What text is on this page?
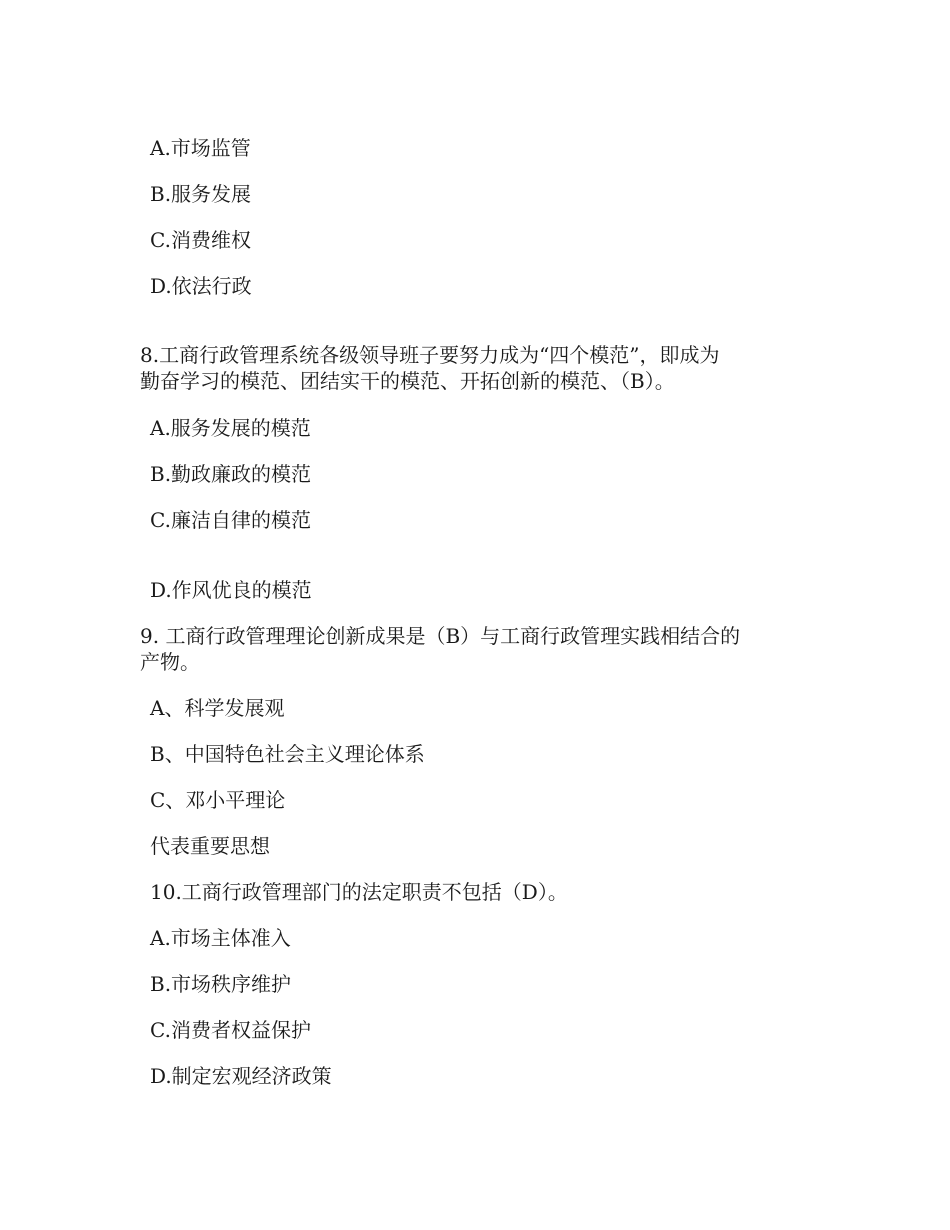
A.市场监管
B.服务发展
C.消费维权
D.依法行政
8.工商行政管理系统各级领导班子要努力成为“四个模范”，即成为
勤奋学习的模范、团结实干的模范、开拓创新的模范、（B）。
A.服务发展的模范
B.勤政廉政的模范
C.廉洁自律的模范
D.作风优良的模范
9. 工商行政管理理论创新成果是（B）与工商行政管理实践相结合的
产物。
A、科学发展观
B、中国特色社会主义理论体系
C、邓小平理论
代表重要思想
10.工商行政管理部门的法定职责不包括（D）。
A.市场主体准入
B.市场秩序维护
C.消费者权益保护
D.制定宏观经济政策
